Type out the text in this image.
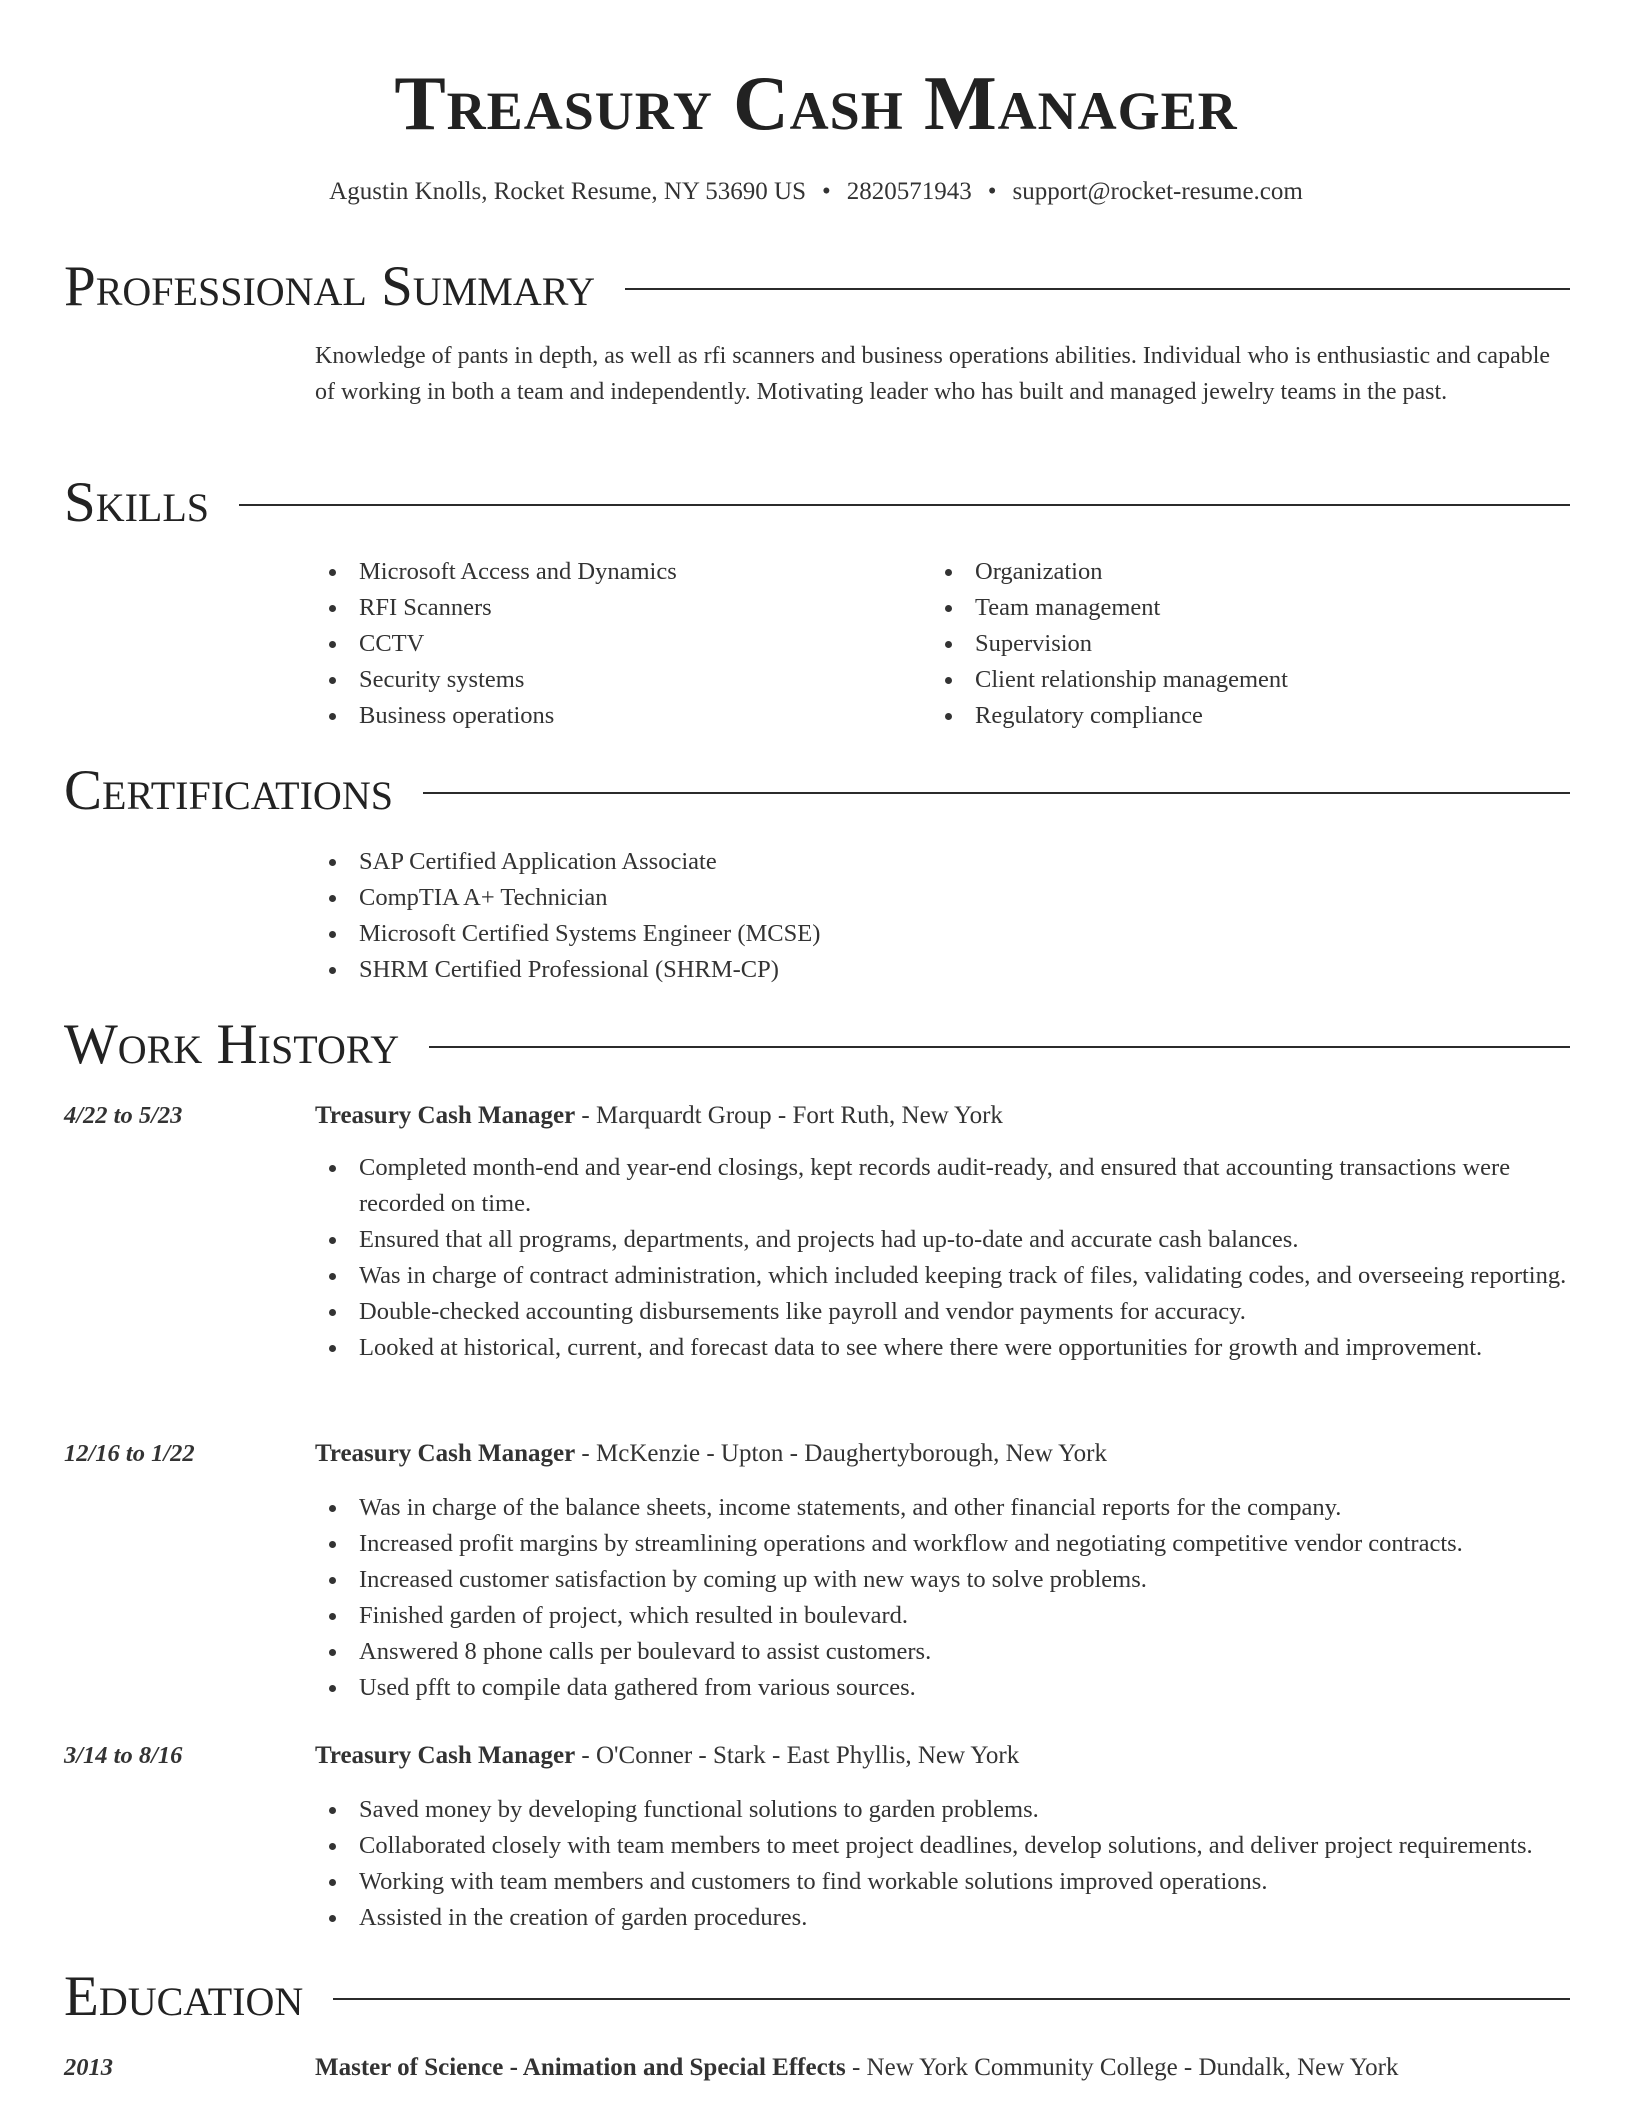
Treasury Cash Manager
Agustin Knolls, Rocket Resume, NY 53690 US • 2820571943 • support@rocket-resume.com
Professional Summary

Knowledge of pants in depth, as well as rfi scanners and business operations abilities. Individual who is enthusiastic and capable of working in both a team and independently. Motivating leader who has built and managed jewelry teams in the past.

Skills
Microsoft Access and Dynamics
RFI Scanners
CCTV
Security systems
Business operations
Organization
Team management
Supervision
Client relationship management
Regulatory compliance
Certifications
SAP Certified Application Associate
CompTIA A+ Technician
Microsoft Certified Systems Engineer (MCSE)
SHRM Certified Professional (SHRM-CP)
Work History
4/22 to 5/23	Treasury Cash Manager - Marquardt Group - Fort Ruth, New York
Completed month-end and year-end closings, kept records audit-ready, and ensured that accounting transactions were recorded on time.
Ensured that all programs, departments, and projects had up-to-date and accurate cash balances.
Was in charge of contract administration, which included keeping track of files, validating codes, and overseeing reporting.
Double-checked accounting disbursements like payroll and vendor payments for accuracy.
Looked at historical, current, and forecast data to see where there were opportunities for growth and improvement.
12/16 to 1/22	Treasury Cash Manager - McKenzie - Upton - Daughertyborough, New York
Was in charge of the balance sheets, income statements, and other financial reports for the company.
Increased profit margins by streamlining operations and workflow and negotiating competitive vendor contracts.
Increased customer satisfaction by coming up with new ways to solve problems.
Finished garden of project, which resulted in boulevard.
Answered 8 phone calls per boulevard to assist customers.
Used pfft to compile data gathered from various sources.
3/14 to 8/16	Treasury Cash Manager - O'Conner - Stark - East Phyllis, New York
Saved money by developing functional solutions to garden problems.
Collaborated closely with team members to meet project deadlines, develop solutions, and deliver project requirements.
Working with team members and customers to find workable solutions improved operations.
Assisted in the creation of garden procedures.
Education
2013	Master of Science - Animation and Special Effects - New York Community College - Dundalk, New York
